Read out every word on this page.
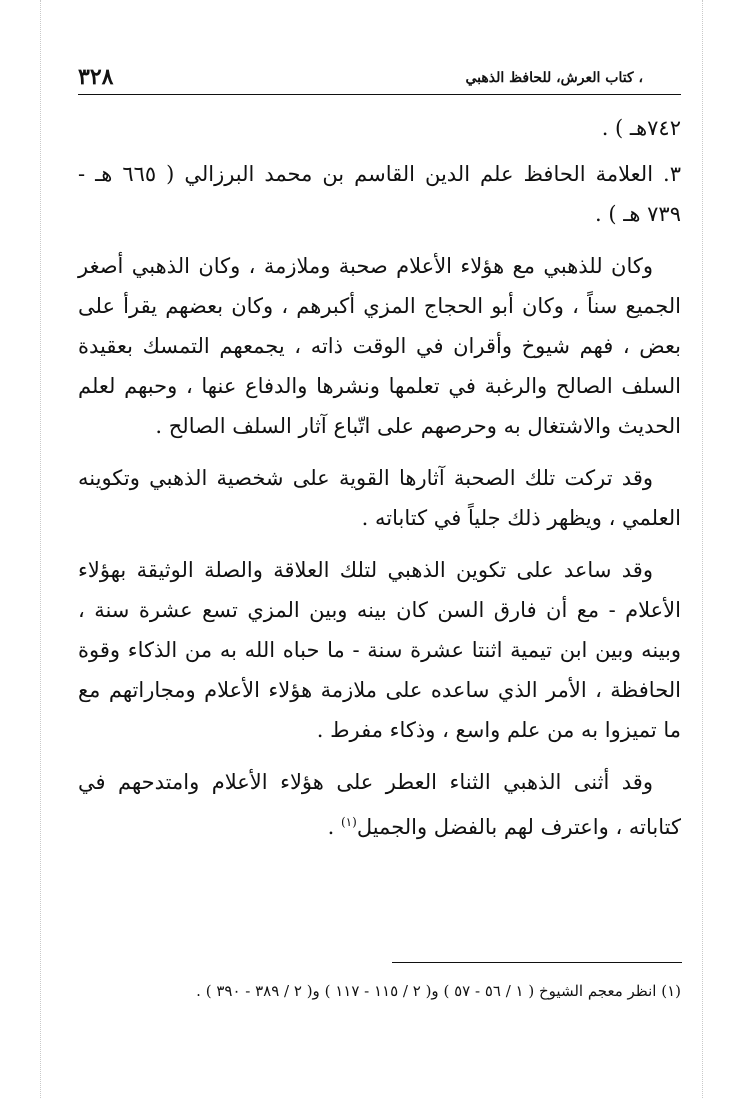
، كتاب العرش، للحافظ الذهبي
٣٢٨

٧٤٢هـ ) .

٣. العلامة الحافظ علم الدين القاسم بن محمد البرزالي ( ٦٦٥ هـ - ٧٣٩ هـ ) .

وكان للذهبي مع هؤلاء الأعلام صحبة وملازمة ، وكان الذهبي أصغر الجميع سناً ، وكان أبو الحجاج المزي أكبرهم ، وكان بعضهم يقرأ على بعض ، فهم شيوخ وأقران في الوقت ذاته ، يجمعهم التمسك بعقيدة السلف الصالح والرغبة في تعلمها ونشرها والدفاع عنها ، وحبهم لعلم الحديث والاشتغال به وحرصهم على اتّباع آثار السلف الصالح .

وقد تركت تلك الصحبة آثارها القوية على شخصية الذهبي وتكوينه العلمي ، ويظهر ذلك جلياً في كتاباته .

وقد ساعد على تكوين الذهبي لتلك العلاقة والصلة الوثيقة بهؤلاء الأعلام - مع أن فارق السن كان بينه وبين المزي تسع عشرة سنة ، وبينه وبين ابن تيمية اثنتا عشرة سنة - ما حباه الله به من الذكاء وقوة الحافظة ، الأمر الذي ساعده على ملازمة هؤلاء الأعلام ومجاراتهم مع ما تميزوا به من علم واسع ، وذكاء مفرط .

وقد أثنى الذهبي الثناء العطر على هؤلاء الأعلام وامتدحهم في كتاباته ، واعترف لهم بالفضل والجميل$^{(١)}$ .

(١) انظر معجم الشيوخ ( ١ / ٥٦ - ٥٧ ) و( ٢ / ١١٥ - ١١٧ ) و( ٢ / ٣٨٩ - ٣٩٠ ) .
